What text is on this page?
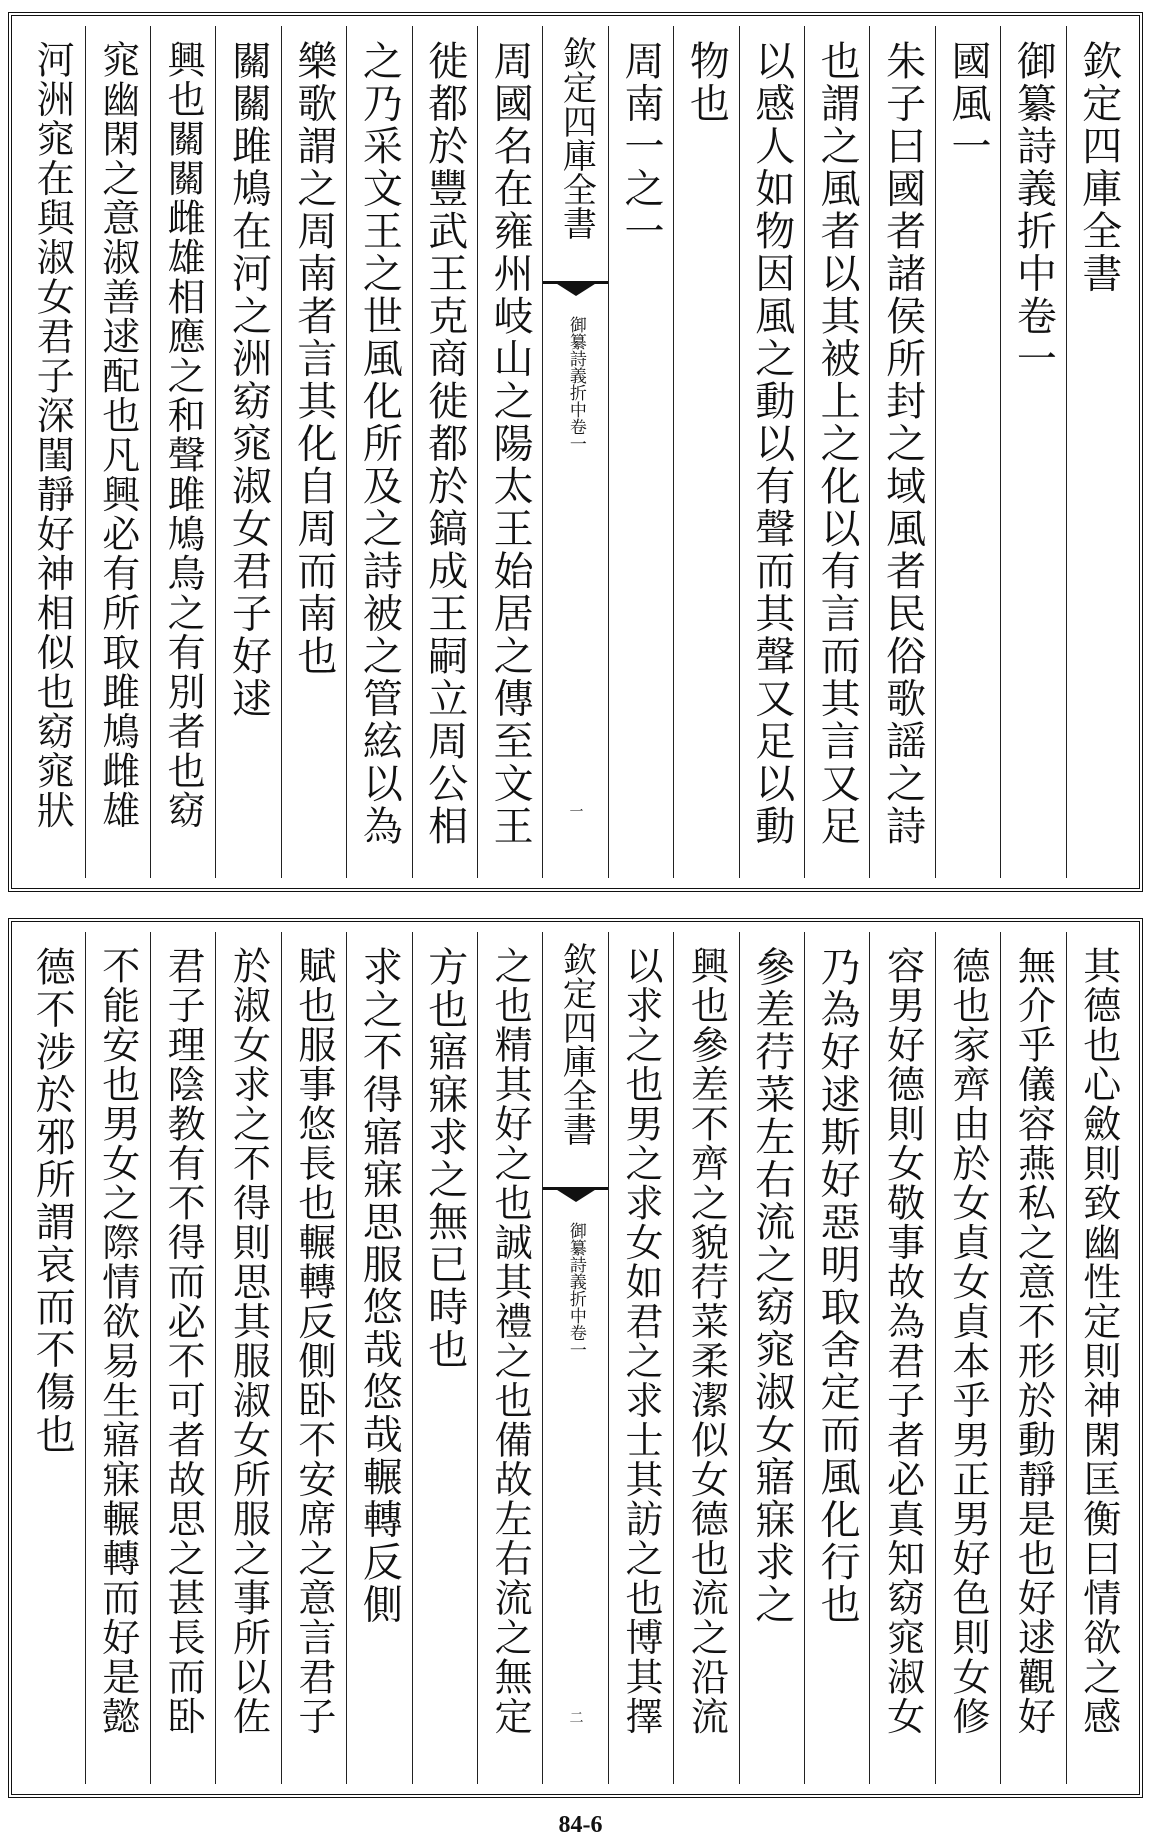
欽定四庫全書
御纂詩義折中卷一
國風一
朱子曰國者諸侯所封之域風者民俗歌謡之詩
也謂之風者以其被上之化以有言而其言又足
以感人如物因風之動以有聲而其聲又足以動
物也
周南一之一
欽定四庫全書
御纂詩義折中卷一
一
周國名在雍州岐山之陽太王始居之傳至文王
徙都於豐武王克商徙都於鎬成王嗣立周公相
之乃采文王之世風化所及之詩被之管絃以為
樂歌謂之周南者言其化自周而南也
關關雎鳩在河之洲窈窕淑女君子好逑
興也關關雌雄相應之和聲雎鳩鳥之有別者也窈
窕幽閑之意淑善逑配也凡興必有所取雎鳩雌雄
河洲窕在與淑女君子深閨靜好神相似也窈窕狀
其德也心斂則致幽性定則神閑匡衡曰情欲之感
無介乎儀容燕私之意不形於動靜是也好逑觀好
德也家齊由於女貞女貞本乎男正男好色則女修
容男好德則女敬事故為君子者必真知窈窕淑女
乃為好逑斯好惡明取舍定而風化行也
參差荇菜左右流之窈窕淑女寤寐求之
興也參差不齊之貌荇菜柔潔似女德也流之沿流
以求之也男之求女如君之求士其訪之也博其擇
欽定四庫全書
御纂詩義折中卷一
二
之也精其好之也誠其禮之也備故左右流之無定
方也寤寐求之無已時也
求之不得寤寐思服悠哉悠哉輾轉反側
賦也服事悠長也輾轉反側卧不安席之意言君子
於淑女求之不得則思其服淑女所服之事所以佐
君子理陰教有不得而必不可者故思之甚長而卧
不能安也男女之際情欲易生寤寐輾轉而好是懿
德不涉於邪所謂哀而不傷也
84-6
